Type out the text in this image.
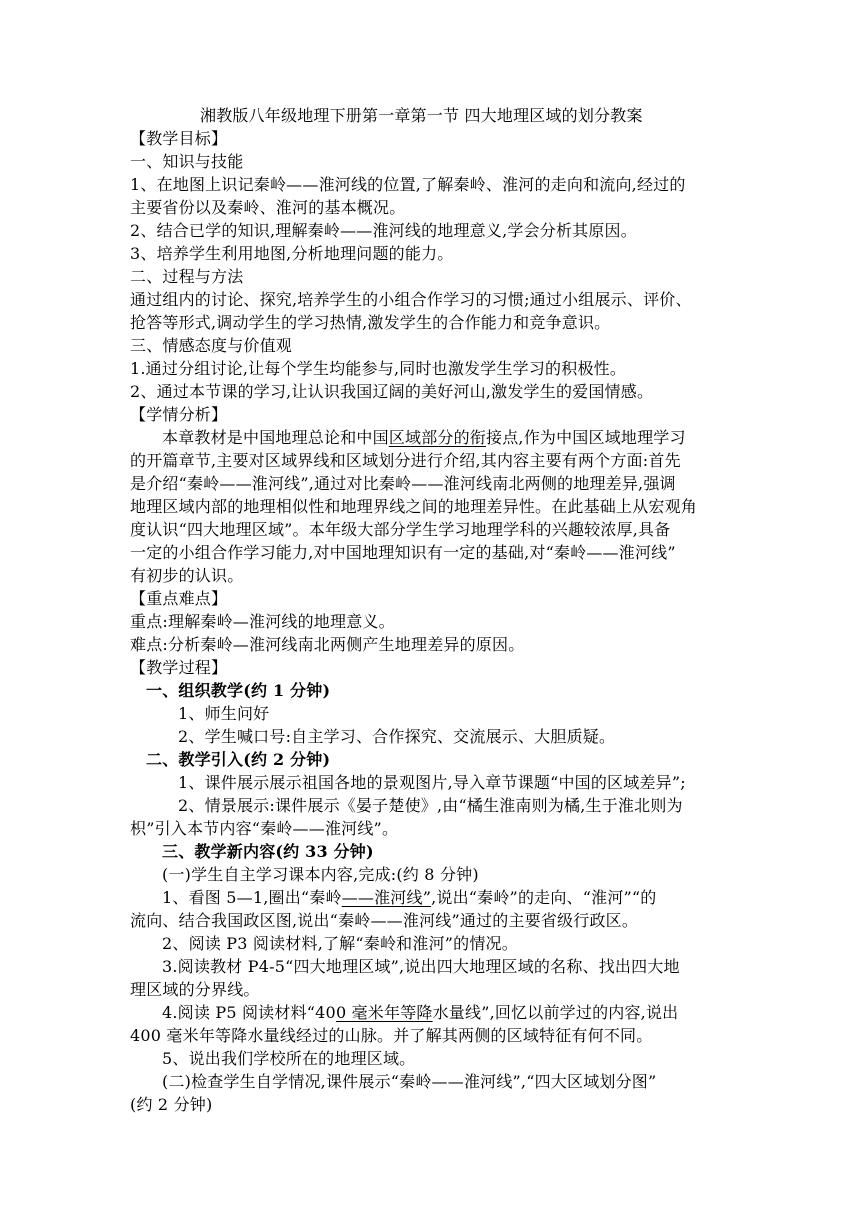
湘教版八年级地理下册第一章第一节 四大地理区域的划分教案
【教学目标】
一、知识与技能
1、在地图上识记秦岭——淮河线的位置,了解秦岭、淮河的走向和流向,经过的
主要省份以及秦岭、淮河的基本概况。
2、结合已学的知识,理解秦岭——淮河线的地理意义,学会分析其原因。
3、培养学生利用地图,分析地理问题的能力。
二、过程与方法
通过组内的讨论、探究,培养学生的小组合作学习的习惯;通过小组展示、评价、
抢答等形式,调动学生的学习热情,激发学生的合作能力和竞争意识。
三、情感态度与价值观
1.通过分组讨论,让每个学生均能参与,同时也激发学生学习的积极性。
2、通过本节课的学习,让认识我国辽阔的美好河山,激发学生的爱国情感。
【学情分析】
本章教材是中国地理总论和中国区域部分的衔接点,作为中国区域地理学习
的开篇章节,主要对区域界线和区域划分进行介绍,其内容主要有两个方面:首先
是介绍“秦岭——淮河线”,通过对比秦岭——淮河线南北两侧的地理差异,强调
地理区域内部的地理相似性和地理界线之间的地理差异性。在此基础上从宏观角
度认识“四大地理区域”。本年级大部分学生学习地理学科的兴趣较浓厚,具备
一定的小组合作学习能力,对中国地理知识有一定的基础,对“秦岭——淮河线”
有初步的认识。
【重点难点】
重点:理解秦岭—淮河线的地理意义。
难点:分析秦岭—淮河线南北两侧产生地理差异的原因。
【教学过程】
一、组织教学(约 1 分钟)
1、师生问好
2、学生喊口号:自主学习、合作探究、交流展示、大胆质疑。
二、教学引入(约 2 分钟)
1、课件展示展示祖国各地的景观图片,导入章节课题“中国的区域差异”;
2、情景展示:课件展示《晏子楚使》,由“橘生淮南则为橘,生于淮北则为
枳”引入本节内容“秦岭——淮河线”。
三、教学新内容(约 33 分钟)
(一)学生自主学习课本内容,完成:(约 8 分钟)
1、看图 5—1,圈出“秦岭——淮河线”,说出“秦岭”的走向、“淮河”“的
流向、结合我国政区图,说出“秦岭——淮河线”通过的主要省级行政区。
2、阅读 P3 阅读材料,了解“秦岭和淮河”的情况。
3.阅读教材 P4-5“四大地理区域”,说出四大地理区域的名称、找出四大地
理区域的分界线。
4.阅读 P5 阅读材料“400 毫米年等降水量线”,回忆以前学过的内容,说出
400 毫米年等降水量线经过的山脉。并了解其两侧的区域特征有何不同。
5、说出我们学校所在的地理区域。
(二)检查学生自学情况,课件展示“秦岭——淮河线”,“四大区域划分图”
(约 2 分钟)
